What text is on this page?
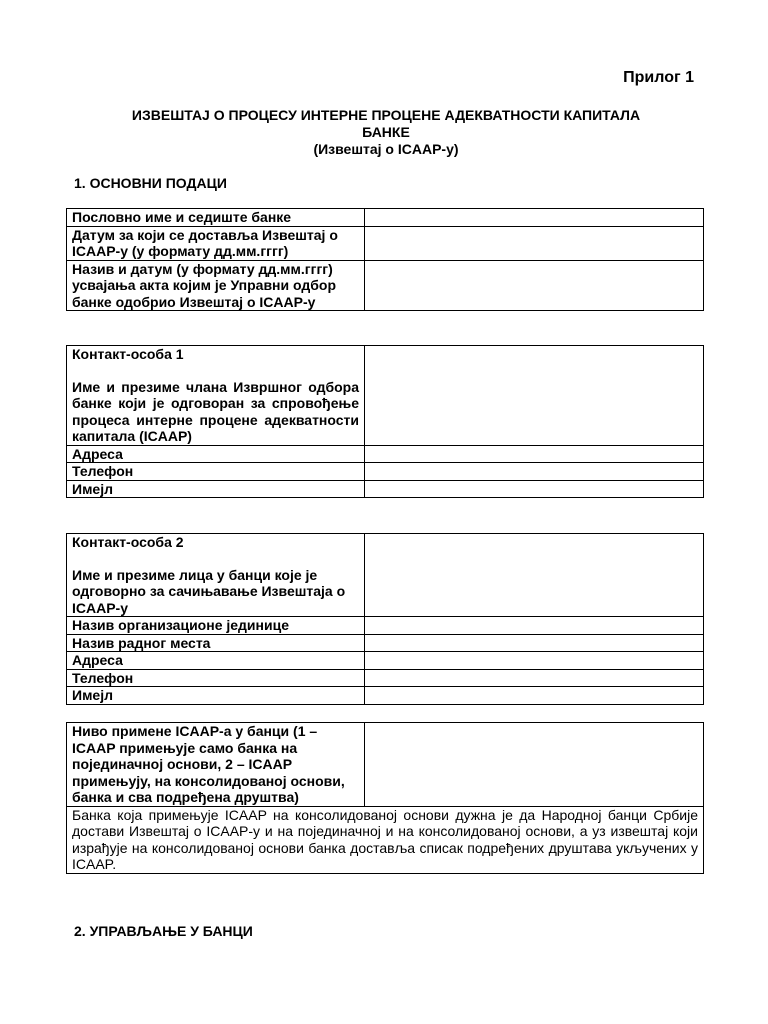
Прилог 1
ИЗВЕШТАЈ О ПРОЦЕСУ ИНТЕРНЕ ПРОЦЕНЕ АДЕКВАТНОСТИ КАПИТАЛА
БАНКЕ
(Извештај о ICAAP-у)
1. ОСНОВНИ ПОДАЦИ
Пословно име и седиште банке	
Датум за који се доставља Извештај о ICAAP-у (у формату дд.мм.гггг)	
Назив и датум (у формату дд.мм.гггг) усвајања акта којим је Управни одбор банке одобрио Извештај о ICAAP-у	
Контакт-особа 1
Име и презиме члана Извршног одбора банке који је одговоран за спровођење процеса интерне процене адекватности капитала (ICAAP)	

Адреса	
Телефон	
Имејл	
Контакт-особа 2
Име и презиме лица у банци које је одговорно за сачињавање Извештаја о ICAAP-у	

Назив организационе јединице	
Назив радног места	
Адреса	
Телефон	
Имејл	
Ниво примене ICAAP-а у банци (1 – ICAAP примењује само банка на појединачној основи, 2 – ICAAP примењују, на консолидованој основи, банка и сва подређена друштва)	
Банка која примењује ICAAP на консолидованој основи дужна је да Народној банци Србије достави Извештај о ICAAP-у и на појединачној и на консолидованој основи, а уз извештај који израђује на консолидованој основи банка доставља списак подређених друштава укључених у ICAAP.
2. УПРАВЉАЊЕ У БАНЦИ
